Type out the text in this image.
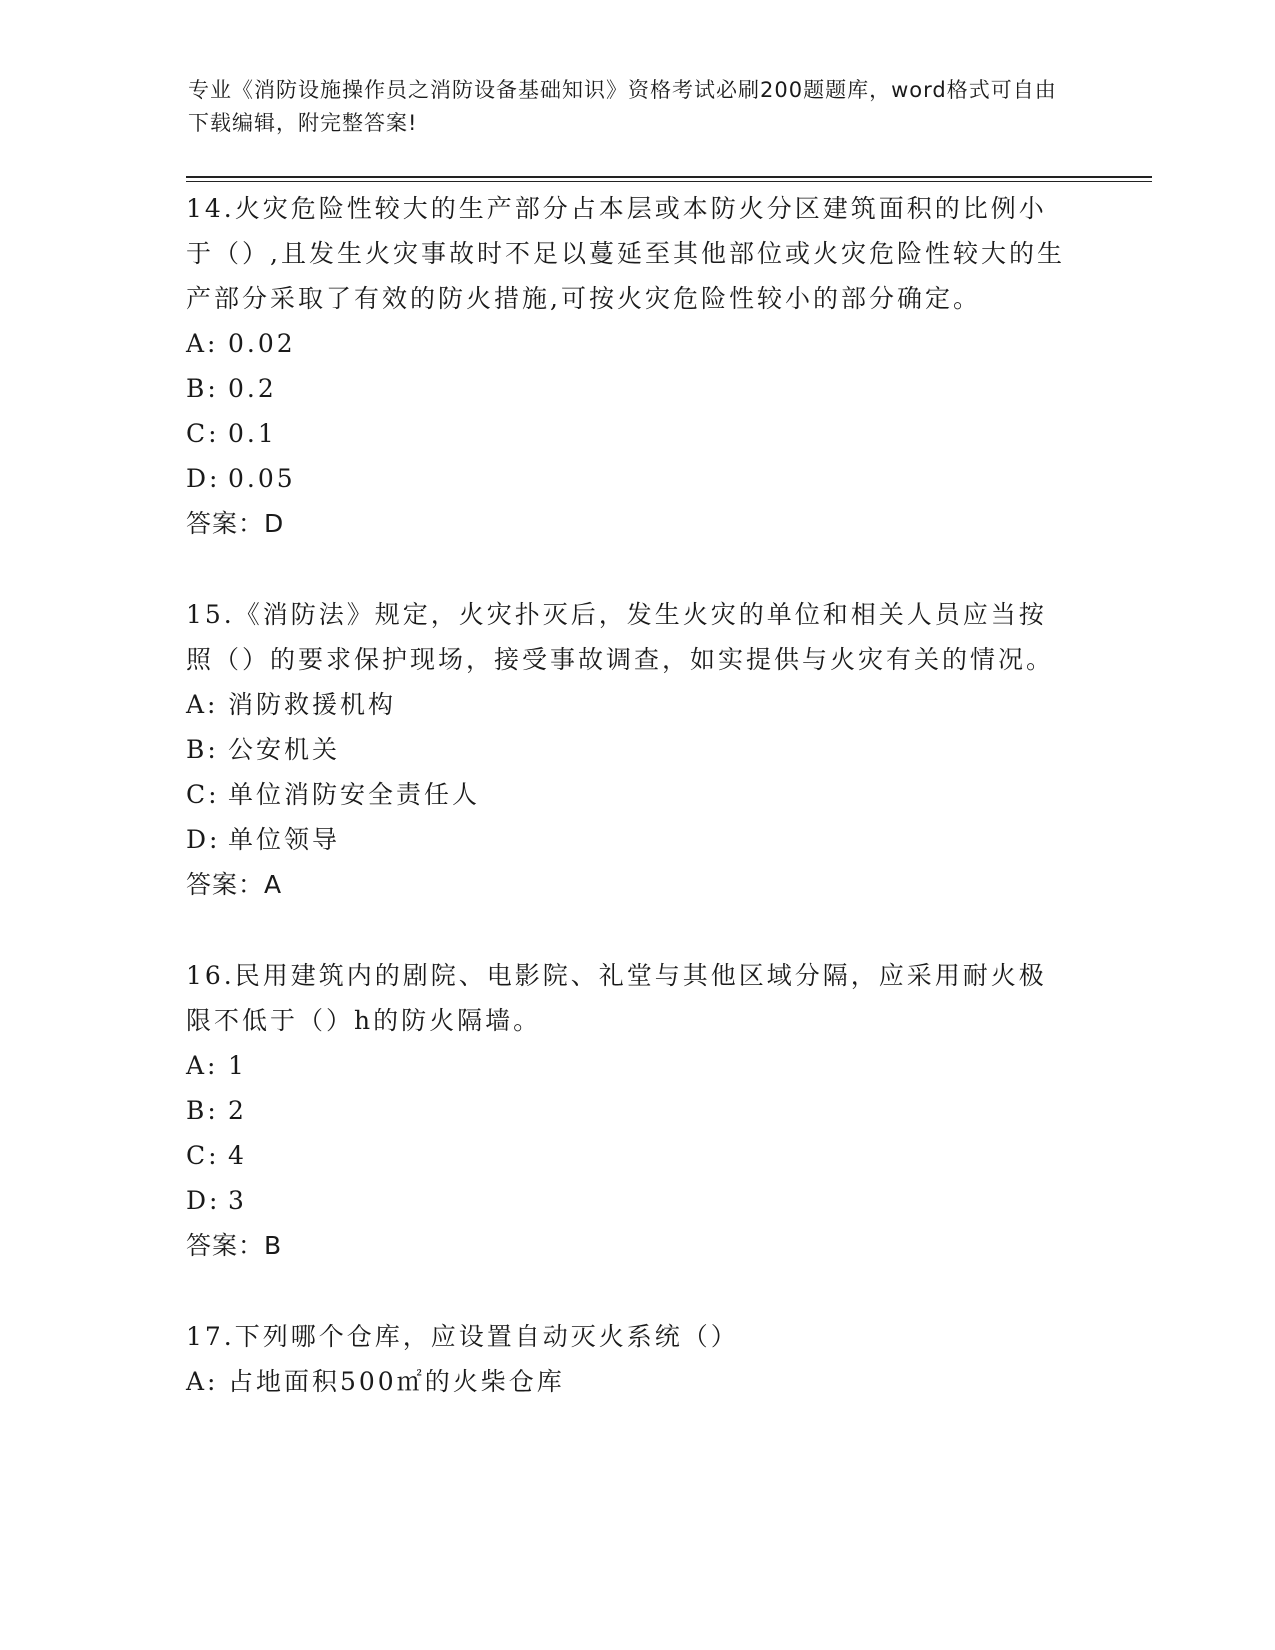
专业《消防设施操作员之消防设备基础知识》资格考试必刷200题题库，word格式可自由下载编辑，附完整答案!
14.火灾危险性较大的生产部分占本层或本防火分区建筑面积的比例小于（）,且发生火灾事故时不足以蔓延至其他部位或火灾危险性较大的生产部分采取了有效的防火措施,可按火灾危险性较小的部分确定。
A: 0.02
B: 0.2
C: 0.1
D: 0.05
答案：D
15.《消防法》规定，火灾扑灭后，发生火灾的单位和相关人员应当按照（）的要求保护现场，接受事故调查，如实提供与火灾有关的情况。
A: 消防救援机构
B: 公安机关
C: 单位消防安全责任人
D: 单位领导
答案：A
16.民用建筑内的剧院、电影院、礼堂与其他区域分隔，应采用耐火极限不低于（）h的防火隔墙。
A: 1
B: 2
C: 4
D: 3
答案：B
17.下列哪个仓库，应设置自动灭火系统（）
A: 占地面积500㎡的火柴仓库
